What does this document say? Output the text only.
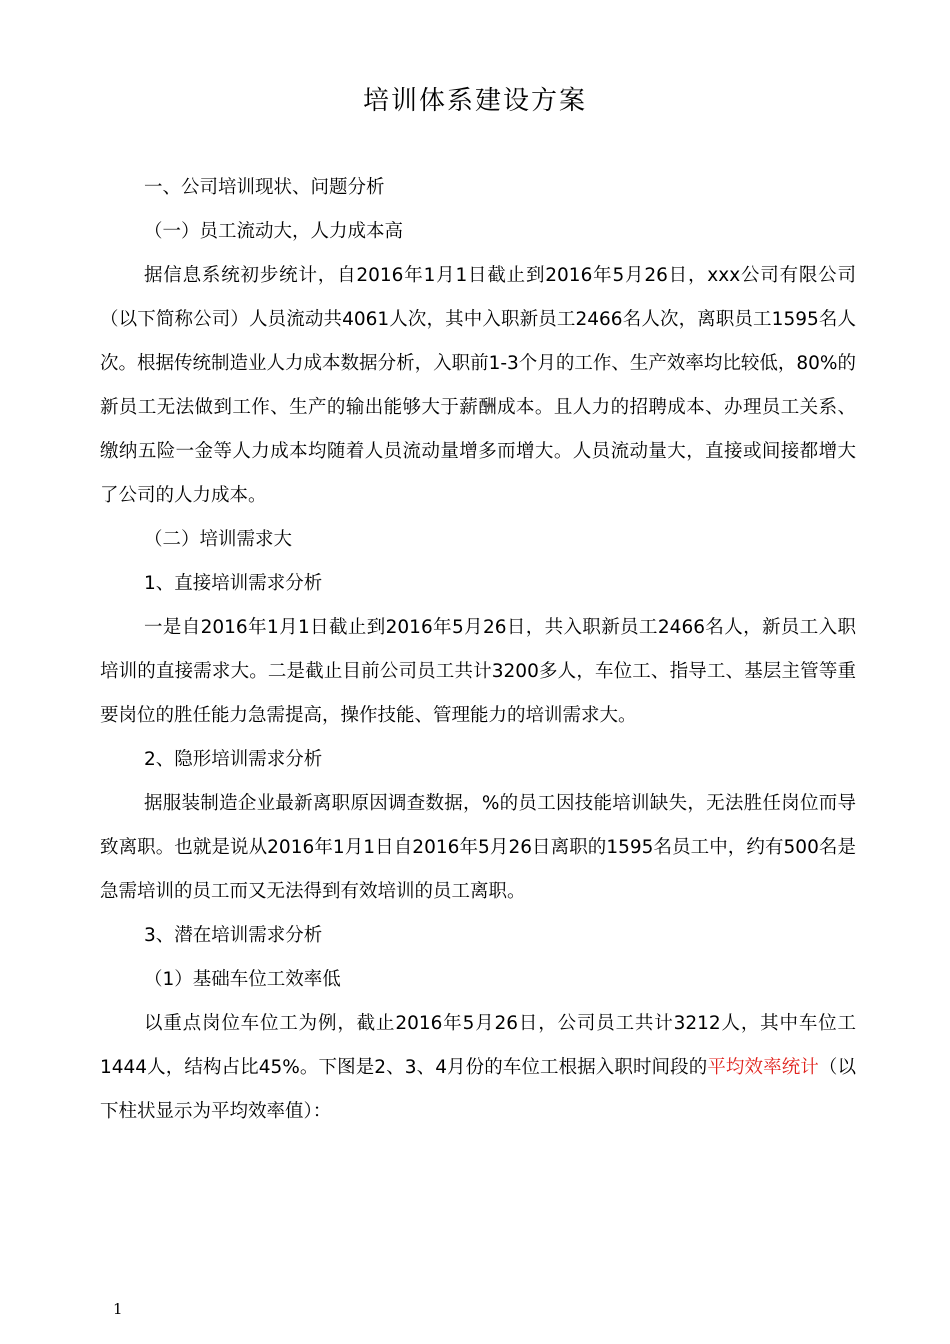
培训体系建设方案

一、公司培训现状、问题分析

（一）员工流动大，人力成本高

据信息系统初步统计，自2016年1月1日截止到2016年5月26日，xxx公司有限公司（以下简称公司）人员流动共4061人次，其中入职新员工2466名人次，离职员工1595名人次。根据传统制造业人力成本数据分析，入职前1-3个月的工作、生产效率均比较低，80%的新员工无法做到工作、生产的输出能够大于薪酬成本。且人力的招聘成本、办理员工关系、缴纳五险一金等人力成本均随着人员流动量增多而增大。人员流动量大，直接或间接都增大了公司的人力成本。

（二）培训需求大

1、直接培训需求分析

一是自2016年1月1日截止到2016年5月26日，共入职新员工2466名人，新员工入职培训的直接需求大。二是截止目前公司员工共计3200多人，车位工、指导工、基层主管等重要岗位的胜任能力急需提高，操作技能、管理能力的培训需求大。

2、隐形培训需求分析

据服装制造企业最新离职原因调查数据，%的员工因技能培训缺失，无法胜任岗位而导致离职。也就是说从2016年1月1日自2016年5月26日离职的1595名员工中，约有500名是急需培训的员工而又无法得到有效培训的员工离职。

3、潜在培训需求分析

（1）基础车位工效率低

以重点岗位车位工为例，截止2016年5月26日，公司员工共计3212人，其中车位工1444人，结构占比45%。下图是2、3、4月份的车位工根据入职时间段的平均效率统计（以下柱状显示为平均效率值）：

1
